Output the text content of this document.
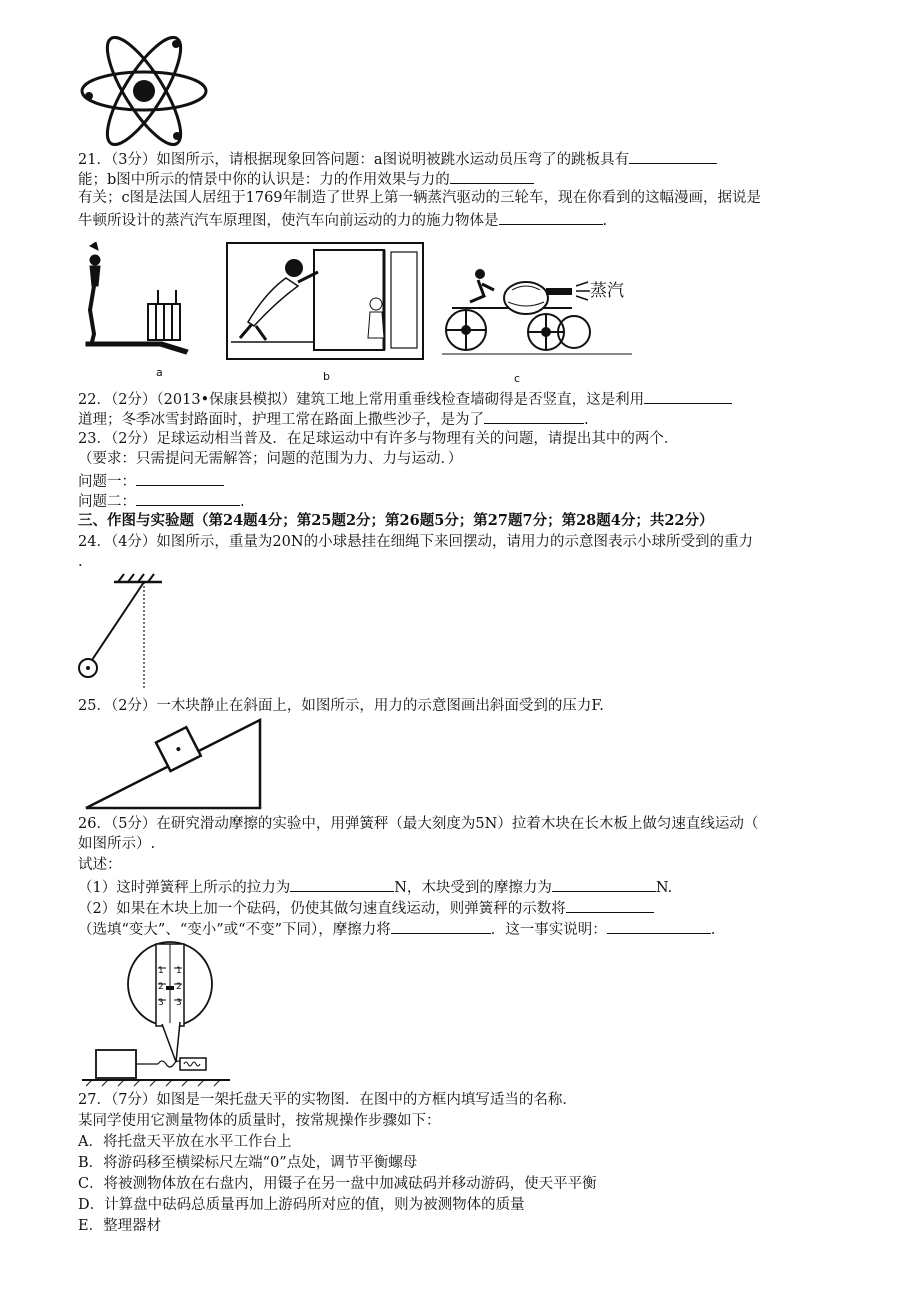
21．（3分）如图所示，请根据现象回答问题：a图说明被跳水运动员压弯了的跳板具有
能；b图中所示的情景中你的认识是：力的作用效果与力的
有关；c图是法国人居纽于1769年制造了世界上第一辆蒸汽驱动的三轮车，现在你看到的这幅漫画，据说是
牛顿所设计的蒸汽汽车原理图，使汽车向前运动的力的施力物体是	.
a	b
蒸汽
c
22．（2分）（2013•保康县模拟）建筑工地上常用重垂线检查墙砌得是否竖直，这是利用
道理；冬季冰雪封路面时，护理工常在路面上撒些沙子，是为了	.
23．（2分）足球运动相当普及．在足球运动中有许多与物理有关的问题，请提出其中的两个．
（要求：只需提问无需解答；问题的范围为力、力与运动．）
问题一：
问题二：	.
三、作图与实验题（第24题4分；第25题2分；第26题5分；第27题7分；第28题4分；共22分）
24．（4分）如图所示，重量为20N的小球悬挂在细绳下来回摆动，请用力的示意图表示小球所受到的重力
.
25．（2分）一木块静止在斜面上，如图所示，用力的示意图画出斜面受到的压力F.
26．（5分）在研究滑动摩擦的实验中，用弹簧秤（最大刻度为5N）拉着木块在长木板上做匀速直线运动（
如图所示）.
试述：
（1）这时弹簧秤上所示的拉力为	N，木块受到的摩擦力为	N.
（2）如果在木块上加一个砝码，仍使其做匀速直线运动，则弹簧秤的示数将
（选填“变大”、“变小”或“不变”下同），摩擦力将	．这一事实说明：	.
1 1
2 2
3 3
27．（7分）如图是一架托盘天平的实物图．在图中的方框内填写适当的名称．
某同学使用它测量物体的质量时，按常规操作步骤如下：
A．将托盘天平放在水平工作台上
B．将游码移至横梁标尺左端“0”点处，调节平衡螺母
C．将被测物体放在右盘内，用镊子在另一盘中加减砝码并移动游码，使天平平衡
D．计算盘中砝码总质量再加上游码所对应的值，则为被测物体的质量
E．整理器材
